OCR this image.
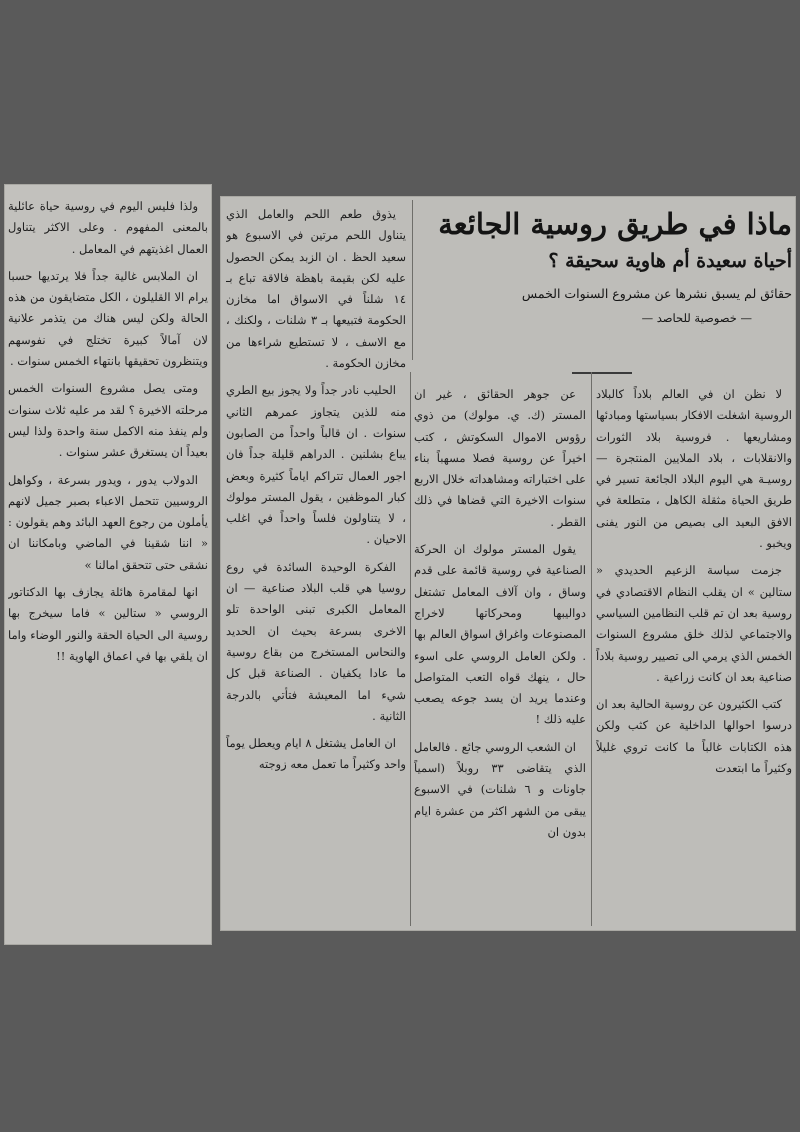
ماذا في طريق روسية الجائعة
أحياة سعيدة أم هاوية سحيقة ؟
حقائق لم يسبق نشرها عن مشروع السنوات الخمس
— خصوصية للحاصد —

لا نظن ان في العالم بلاداً كالبلاد الروسية اشغلت الافكار بسياستها ومبادئها ومشاريعها . فروسية بلاد الثورات والانقلابات ، بلاد الملايين المنتجرة — روسيـة هي اليوم البلاد الجائعة تسير في طريق الحياة مثقلة الكاهل ، متطلعة في الافق البعيد الى بصيص من النور يفنى ويخبو .

جزمت سياسة الزعيم الحديدي « ستالين » ان يقلب النظام الاقتصادي في روسية بعد ان تم قلب النظامين السياسي والاجتماعي لذلك خلق مشروع السنوات الخمس الذي يرمي الى تصيير روسية بلاداً صناعية بعد ان كانت زراعية .

كتب الكثيرون عن روسية الحالية بعد ان درسوا احوالها الداخلية عن كثب ولكن هذه الكتابات غالباً ما كانت تروي غليلاً وكثيراً ما ابتعدت

عن جوهر الحقائق ، غير ان المستر (ك. ي. مولوك) من ذوي رؤوس الاموال السكوتش ، كتب اخيراً عن روسية فصلا مسهباً بناء على اختباراته ومشاهداته خلال الاربع سنوات الاخيرة التي قضاها في ذلك القطر .

يقول المستر مولوك ان الحركة الصناعية في روسية قائمة على قدم وساق ، وان آلاف المعامل تشتغل دواليبها ومحركاتها لاخراج المصنوعات واغراق اسواق العالم بها . ولكن العامل الروسي على اسوء حال ، ينهك قواه التعب المتواصل وعندما يريد ان يسد جوعه يصعب عليه ذلك !

ان الشعب الروسي جائع . فالعامل الذي يتقاضى ٣٣ روبلاً (اسمياً جاونات و ٦ شلنات) في الاسبوع يبقى من الشهر اكثر من عشرة ايام بدون ان

يذوق طعم اللحم والعامل الذي يتناول اللحم مرتين في الاسبوع هو سعيد الحظ . ان الزبد يمكن الحصول عليه لكن بقيمة باهظة فالاقة تباع بـ ١٤ شلناً في الاسواق اما مخازن الحكومة فتبيعها بـ ٣ شلنات ، ولكنك ، مع الاسف ، لا تستطيع شراءها من مخازن الحكومة .

الحليب نادر جداً ولا يجوز بيع الطري منه للذين يتجاوز عمرهم الثاني سنوات . ان قالباً واحداً من الصابون يباع بشلنين . الدراهم قليلة جداً فان اجور العمال تتراكم اياماً كثيرة وبعض كبار الموظفين ، يقول المستر مولوك ، لا يتناولون فلساً واحداً في اغلب الاحيان .

الفكرة الوحيدة السائدة في روع روسيا هي قلب البلاد صناعية — ان المعامل الكبرى تبنى الواحدة تلو الاخرى بسرعة بحيث ان الحديد والنحاس المستخرج من بقاع روسية ما عادا يكفيان . الصناعة قبل كل شيء اما المعيشة فتأتي بالدرجة الثانية .

ان العامل يشتغل ٨ ايام ويعطل يوماً واحد وكثيراً ما تعمل معه زوجته

ولذا فليس اليوم في روسية حياة عائلية بالمعنى المفهوم . وعلى الاكثر يتناول العمال اغذيتهم في المعامل .

ان الملابس غالية جداً فلا يرتديها حسبا يرام الا القليلون ، الكل متضايقون من هذه الحالة ولكن ليس هناك من يتذمر علانية لان آمالاً كبيرة تختلج في نفوسهم ويتنظرون تحقيقها بانتهاء الخمس سنوات .

ومتى يصل مشروع السنوات الخمس مرحلته الاخيرة ؟ لقد مر عليه ثلاث سنوات ولم ينفذ منه الاكمل سنة واحدة ولذا ليس بعيداً ان يستغرق عشر سنوات .

الدولاب يدور ، ويدور بسرعة ، وكواهل الروسيين تتحمل الاعباء بصبر جميل لانهم يأملون من رجوع العهد البائد وهم يقولون : « اننا شقينا في الماضي وبامكاننا ان نشقى حتى تتحقق امالنا »

انها لمقامرة هائلة يجازف بها الدكتاتور الروسي « ستالين » فاما سيخرج بها روسية الى الحياة الحقة والنور الوضاء واما ان يلقي بها في اعماق الهاوية !!
